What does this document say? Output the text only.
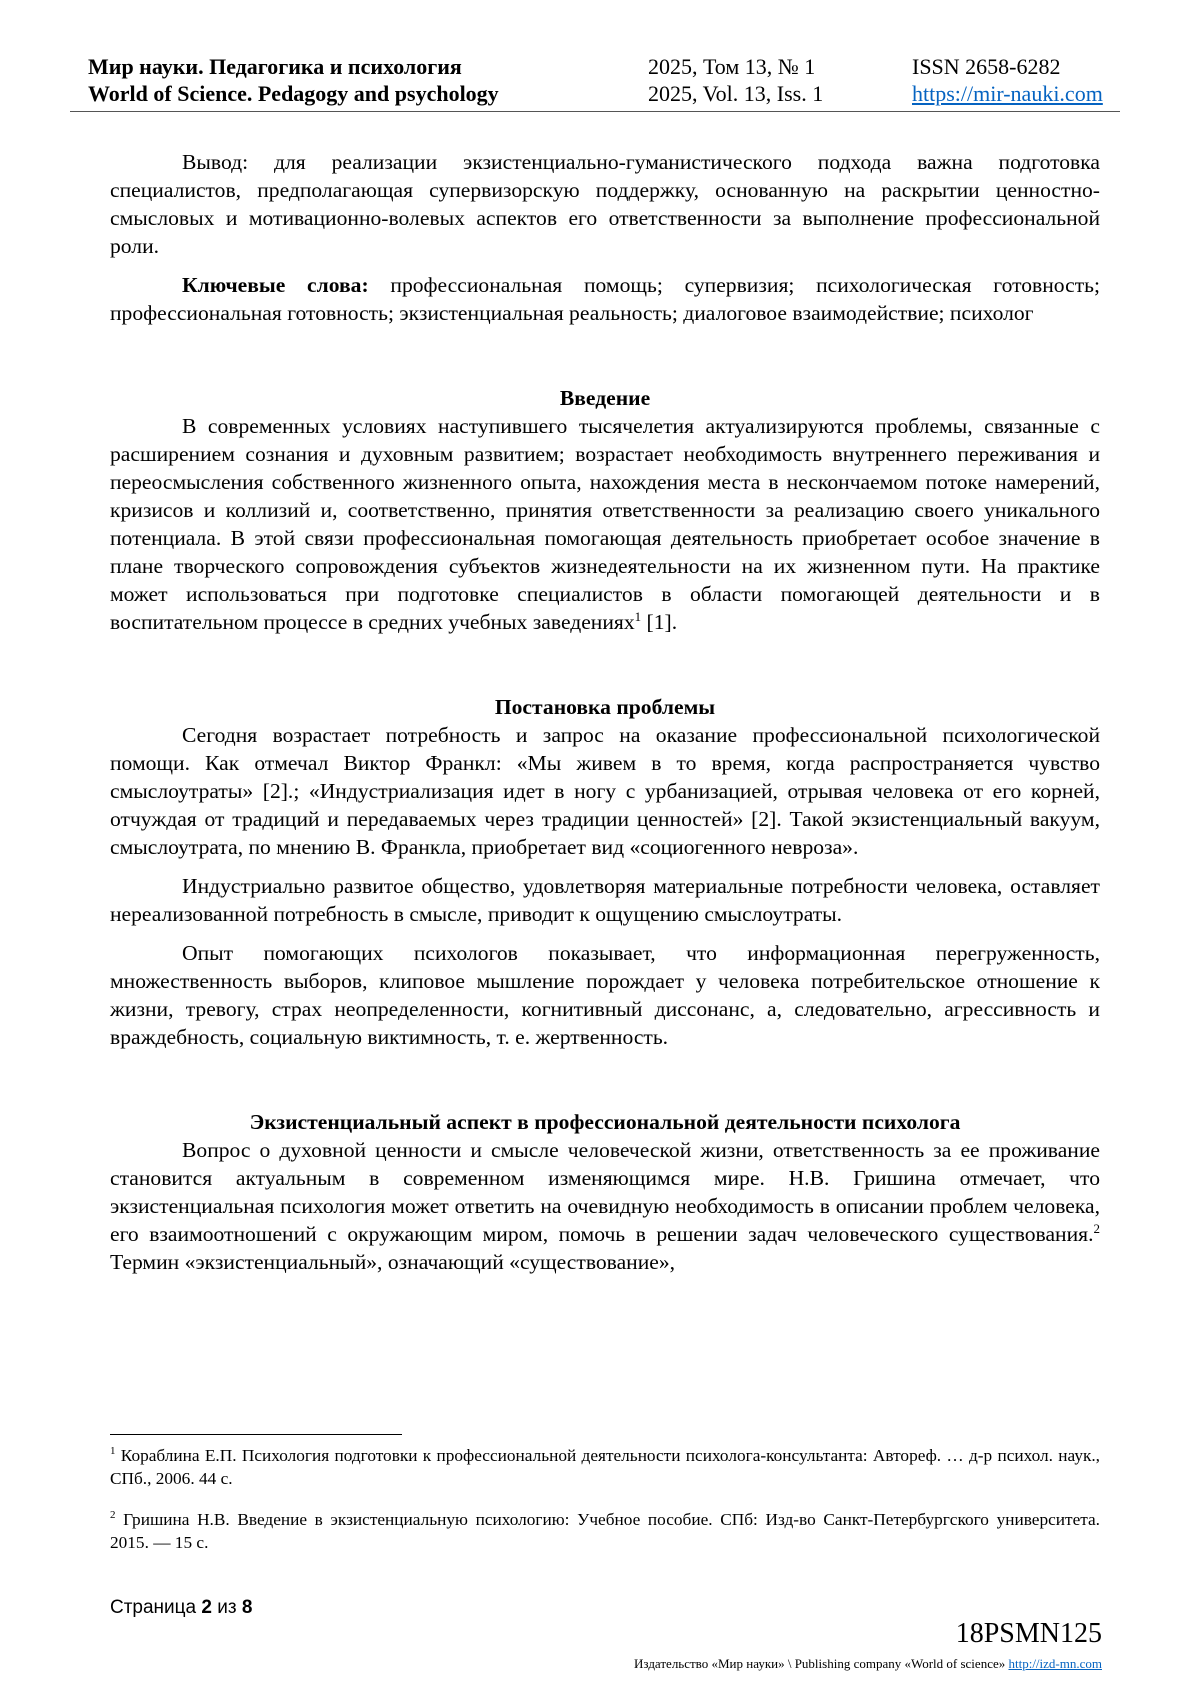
Мир науки. Педагогика и психология	2025, Том 13, № 1	ISSN 2658-6282
World of Science. Pedagogy and psychology	2025, Vol. 13, Iss. 1	https://mir-nauki.com

Вывод: для реализации экзистенциально-гуманистического подхода важна подготовка специалистов, предполагающая супервизорскую поддержку, основанную на раскрытии ценностно-смысловых и мотивационно-волевых аспектов его ответственности за выполнение профессиональной роли.

Ключевые слова: профессиональная помощь; супервизия; психологическая готовность; профессиональная готовность; экзистенциальная реальность; диалоговое взаимодействие; психолог

Введение

В современных условиях наступившего тысячелетия актуализируются проблемы, связанные с расширением сознания и духовным развитием; возрастает необходимость внутреннего переживания и переосмысления собственного жизненного опыта, нахождения места в нескончаемом потоке намерений, кризисов и коллизий и, соответственно, принятия ответственности за реализацию своего уникального потенциала. В этой связи профессиональная помогающая деятельность приобретает особое значение в плане творческого сопровождения субъектов жизнедеятельности на их жизненном пути. На практике может использоваться при подготовке специалистов в области помогающей деятельности и в воспитательном процессе в средних учебных заведениях$^1$ [1].

Постановка проблемы

Сегодня возрастает потребность и запрос на оказание профессиональной психологической помощи. Как отмечал Виктор Франкл: «Мы живем в то время, когда распространяется чувство смыслоутраты» [2].; «Индустриализация идет в ногу с урбанизацией, отрывая человека от его корней, отчуждая от традиций и передаваемых через традиции ценностей» [2]. Такой экзистенциальный вакуум, смыслоутрата, по мнению В. Франкла, приобретает вид «социогенного невроза».

Индустриально развитое общество, удовлетворяя материальные потребности человека, оставляет нереализованной потребность в смысле, приводит к ощущению смыслоутраты.

Опыт помогающих психологов показывает, что информационная перегруженность, множественность выборов, клиповое мышление порождает у человека потребительское отношение к жизни, тревогу, страх неопределенности, когнитивный диссонанс, а, следовательно, агрессивность и враждебность, социальную виктимность, т. е. жертвенность.

Экзистенциальный аспект в профессиональной деятельности психолога

Вопрос о духовной ценности и смысле человеческой жизни, ответственность за ее проживание становится актуальным в современном изменяющимся мире. Н.В. Гришина отмечает, что экзистенциальная психология может ответить на очевидную необходимость в описании проблем человека, его взаимоотношений с окружающим миром, помочь в решении задач человеческого существования.$^2$ Термин «экзистенциальный», означающий «существование»,

$^1$ Кораблина Е.П. Психология подготовки к профессиональной деятельности психолога-консультанта: Автореф. … д-р психол. наук., СПб., 2006. 44 с.
$^2$ Гришина Н.В. Введение в экзистенциальную психологию: Учебное пособие. СПб: Изд-во Санкт-Петербургского университета. 2015. — 15 с.
Страница 2 из 8
18PSMN125
Издательство «Мир науки» \ Publishing company «World of science» http://izd-mn.com
